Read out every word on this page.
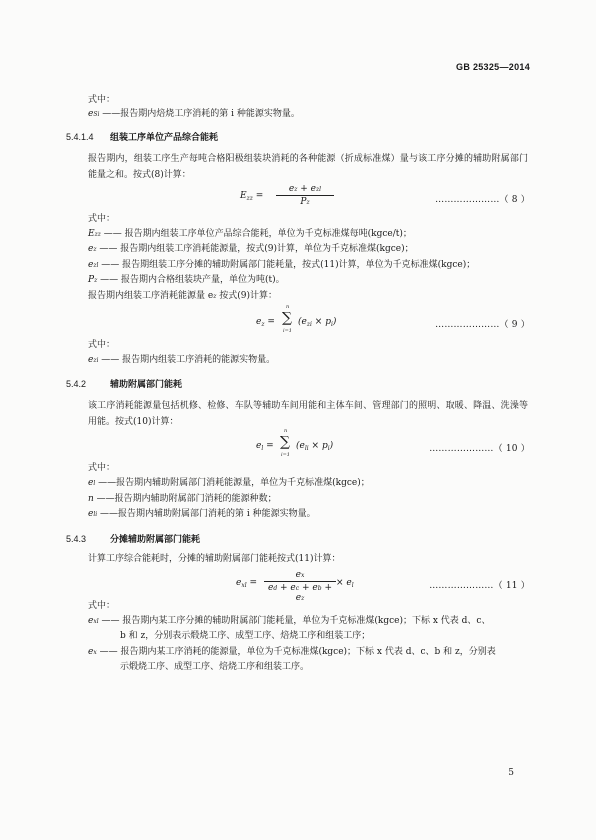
GB 25325—2014
式中：
eSi ——报告期内焙烧工序消耗的第 i 种能源实物量。
5.4.1.4 组装工序单位产品综合能耗
报告期内，组装工序生产每吨合格阳极组装块消耗的各种能源（折成标准煤）量与该工序分摊的辅助附属部门能量之和。按式(8)计算：
$E_{zz}$ =
ez + ezl
Pz	…………………（ 8 ）
式中：
Ezz —— 报告期内组装工序单位产品综合能耗，单位为千克标准煤每吨(kgce/t)；
ez —— 报告期内组装工序消耗能源量，按式(9)计算，单位为千克标准煤(kgce)；
ezl —— 报告期组装工序分摊的辅助附属部门能耗量，按式(11)计算，单位为千克标准煤(kgce)；
Pz —— 报告期内合格组装块产量，单位为吨(t)。
报告期内组装工序消耗能源量 ez 按式(9)计算：
$e_z$ =
n
∑
i=1
$(e_{zi} \times p_i)$	…………………（ 9 ）
式中：
ezi —— 报告期内组装工序消耗的能源实物量。
5.4.2	辅助附属部门能耗
该工序消耗能源量包括机修、检修、车队等辅助车间用能和主体车间、管理部门的照明、取暖、降温、洗澡等用能。按式(10)计算：
$e_l$ =
n
∑
i=1
$(e_{li} \times p_i)$	…………………（ 10 ）
式中：
el ——报告期内辅助附属部门消耗能源量，单位为千克标准煤(kgce)；
n ——报告期内辅助附属部门消耗的能源种数；
eli ——报告期内辅助附属部门消耗的第 i 种能源实物量。
5.4.3	分摊辅助附属部门能耗
计算工序综合能耗时，分摊的辅助附属部门能耗按式(11)计算：
$e_{xl}$ =
ex
ed + ec + eb + ez
× $e_l$	…………………（ 11 ）
式中：
exl —— 报告期内某工序分摊的辅助附属部门能耗量，单位为千克标准煤(kgce)；下标 x 代表 d、c、
b 和 z，分别表示煅烧工序、成型工序、焙烧工序和组装工序；
ex —— 报告期内某工序消耗的能源量，单位为千克标准煤(kgce)；下标 x 代表 d、c、b 和 z，分别表
示煅烧工序、成型工序、焙烧工序和组装工序。
5
